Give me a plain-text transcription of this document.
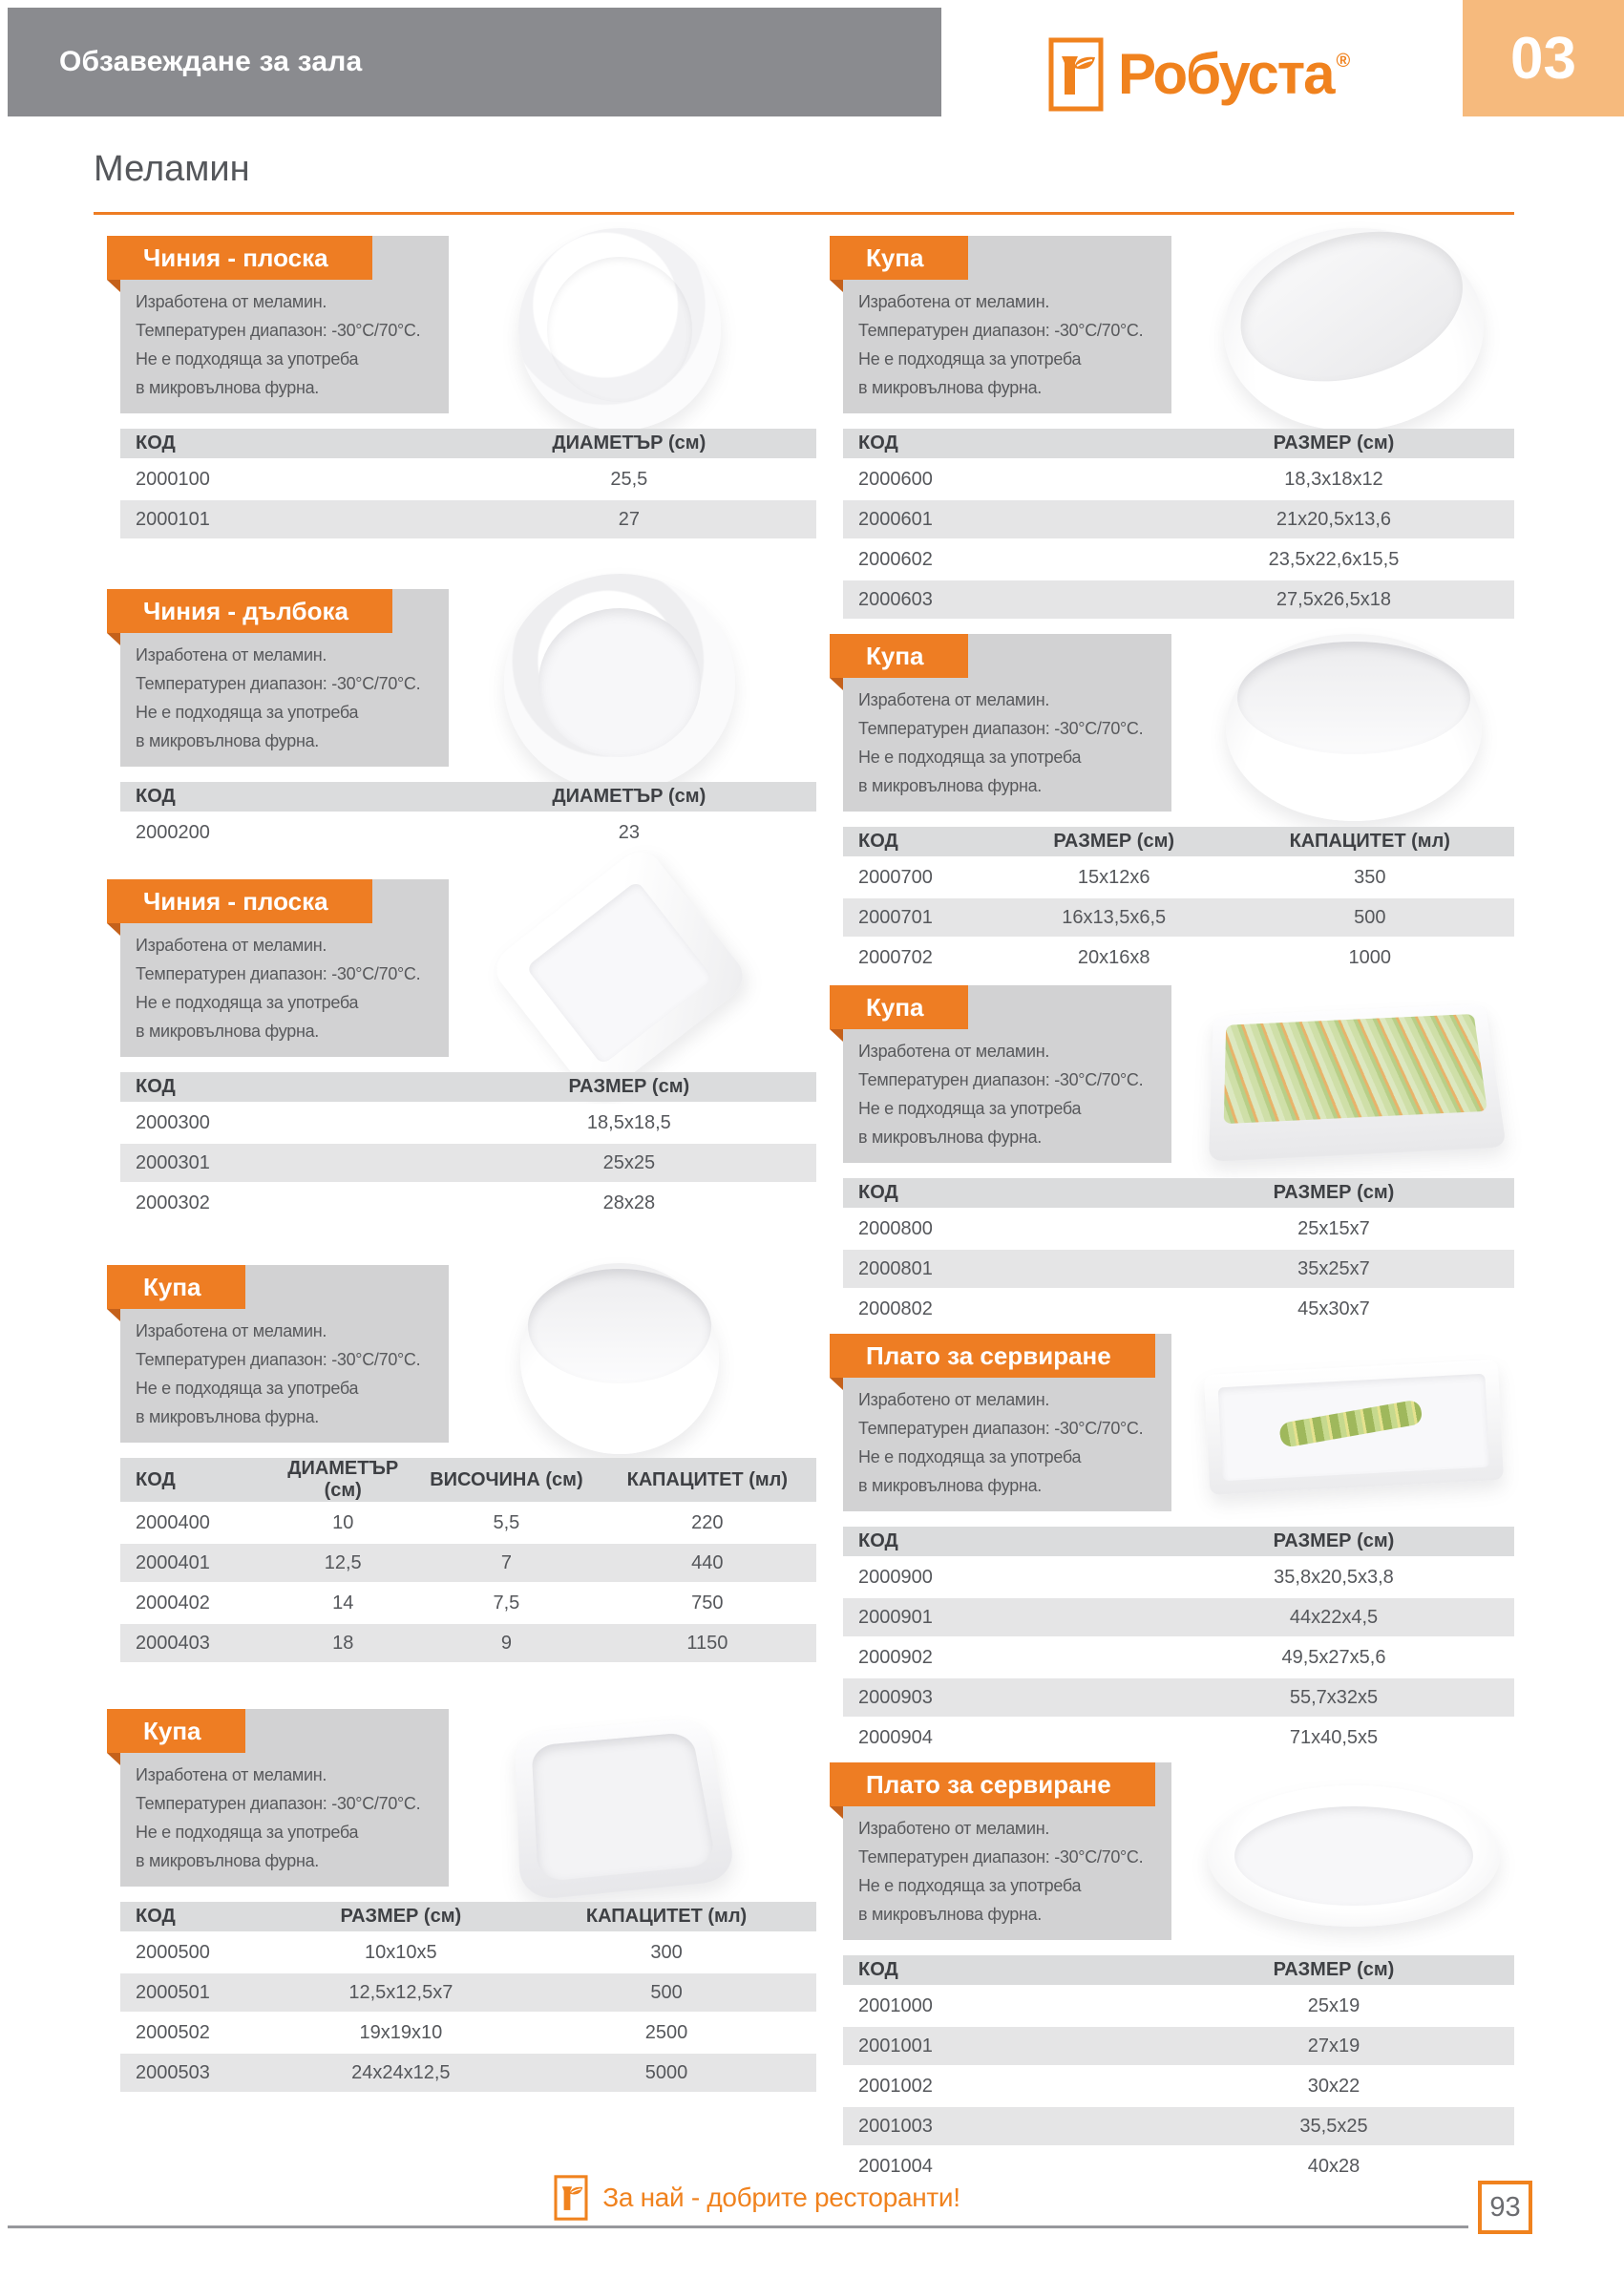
Обзавеждане за зала	Робуста ®	03
Меламин
Чиния - плоска

Изработена от меламин.

Температурен диапазон: -30°C/70°C.

Не е подходяща за употреба

в микровълнова фурна.

КОД	ДИАМЕТЪР (см)
2000100	25,5
2000101	27
Чиния - дълбока

Изработена от меламин.

Температурен диапазон: -30°C/70°C.

Не е подходяща за употреба

в микровълнова фурна.

КОД	ДИАМЕТЪР (см)
2000200	23
Чиния - плоска

Изработена от меламин.

Температурен диапазон: -30°C/70°C.

Не е подходяща за употреба

в микровълнова фурна.

КОД	РАЗМЕР (см)
2000300	18,5x18,5
2000301	25x25
2000302	28x28
Купа

Изработена от меламин.

Температурен диапазон: -30°C/70°C.

Не е подходяща за употреба

в микровълнова фурна.

КОД	ДИАМЕТЪР (см)	ВИСОЧИНА (см)	КАПАЦИТЕТ (мл)
2000400	10	5,5	220
2000401	12,5	7	440
2000402	14	7,5	750
2000403	18	9	1150
Купа

Изработена от меламин.

Температурен диапазон: -30°C/70°C.

Не е подходяща за употреба

в микровълнова фурна.

КОД	РАЗМЕР (см)	КАПАЦИТЕТ (мл)
2000500	10x10x5	300
2000501	12,5x12,5x7	500
2000502	19x19x10	2500
2000503	24x24x12,5	5000
Купа

Изработена от меламин.

Температурен диапазон: -30°C/70°C.

Не е подходяща за употреба

в микровълнова фурна.

КОД	РАЗМЕР (см)
2000600	18,3x18x12
2000601	21x20,5x13,6
2000602	23,5x22,6x15,5
2000603	27,5x26,5x18
Купа

Изработена от меламин.

Температурен диапазон: -30°C/70°C.

Не е подходяща за употреба

в микровълнова фурна.

КОД	РАЗМЕР (см)	КАПАЦИТЕТ (мл)
2000700	15x12x6	350
2000701	16x13,5x6,5	500
2000702	20x16x8	1000
Купа

Изработена от меламин.

Температурен диапазон: -30°C/70°C.

Не е подходяща за употреба

в микровълнова фурна.

КОД	РАЗМЕР (см)
2000800	25x15x7
2000801	35x25x7
2000802	45x30x7
Плато за сервиране

Изработено от меламин.

Температурен диапазон: -30°C/70°C.

Не е подходяща за употреба

в микровълнова фурна.

КОД	РАЗМЕР (см)
2000900	35,8x20,5x3,8
2000901	44x22x4,5
2000902	49,5x27x5,6
2000903	55,7x32x5
2000904	71x40,5x5
Плато за сервиране

Изработено от меламин.

Температурен диапазон: -30°C/70°C.

Не е подходяща за употреба

в микровълнова фурна.

КОД	РАЗМЕР (см)
2001000	25x19
2001001	27x19
2001002	30x22
2001003	35,5x25
2001004	40x28
За най - добрите ресторанти!	93
